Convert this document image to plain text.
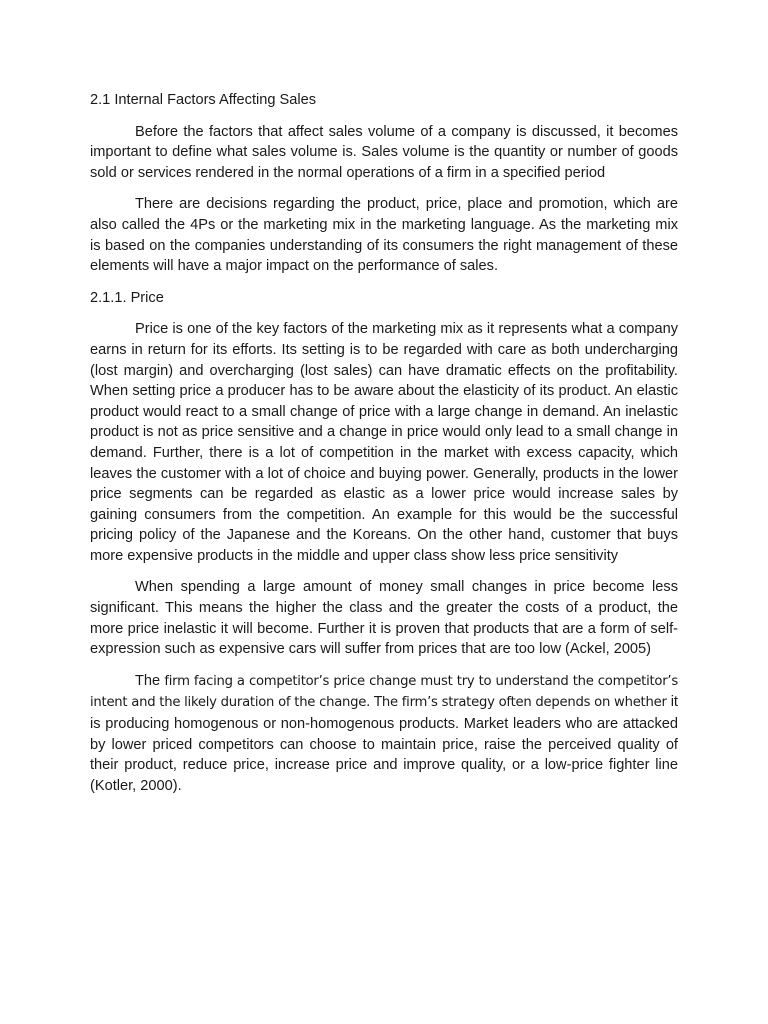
2.1 Internal Factors Affecting Sales

Before the factors that affect sales volume of a company is discussed, it becomes important to define what sales volume is. Sales volume is the quantity or number of goods sold or services rendered in the normal operations of a firm in a specified period

There are decisions regarding the product, price, place and promotion, which are also called the 4Ps or the marketing mix in the marketing language. As the marketing mix is based on the companies understanding of its consumers the right management of these elements will have a major impact on the performance of sales.

2.1.1. Price

Price is one of the key factors of the marketing mix as it represents what a company earns in return for its efforts. Its setting is to be regarded with care as both undercharging (lost margin) and overcharging (lost sales) can have dramatic effects on the profitability. When setting price a producer has to be aware about the elasticity of its product. An elastic product would react to a small change of price with a large change in demand. An inelastic product is not as price sensitive and a change in price would only lead to a small change in demand. Further, there is a lot of competition in the market with excess capacity, which leaves the customer with a lot of choice and buying power. Generally, products in the lower price segments can be regarded as elastic as a lower price would increase sales by gaining consumers from the competition. An example for this would be the successful pricing policy of the Japanese and the Koreans. On the other hand, customer that buys more expensive products in the middle and upper class show less price sensitivity

When spending a large amount of money small changes in price become less significant. This means the higher the class and the greater the costs of a product, the more price inelastic it will become. Further it is proven that products that are a form of self-expression such as expensive cars will suffer from prices that are too low (Ackel, 2005)

The firm facing a competitor’s price change must try to understand the competitor’s intent and the likely duration of the change. The firm’s strategy often depends on whether it is producing homogenous or non-homogenous products. Market leaders who are attacked by lower priced competitors can choose to maintain price, raise the perceived quality of their product, reduce price, increase price and improve quality, or a low-price fighter line (Kotler, 2000).
